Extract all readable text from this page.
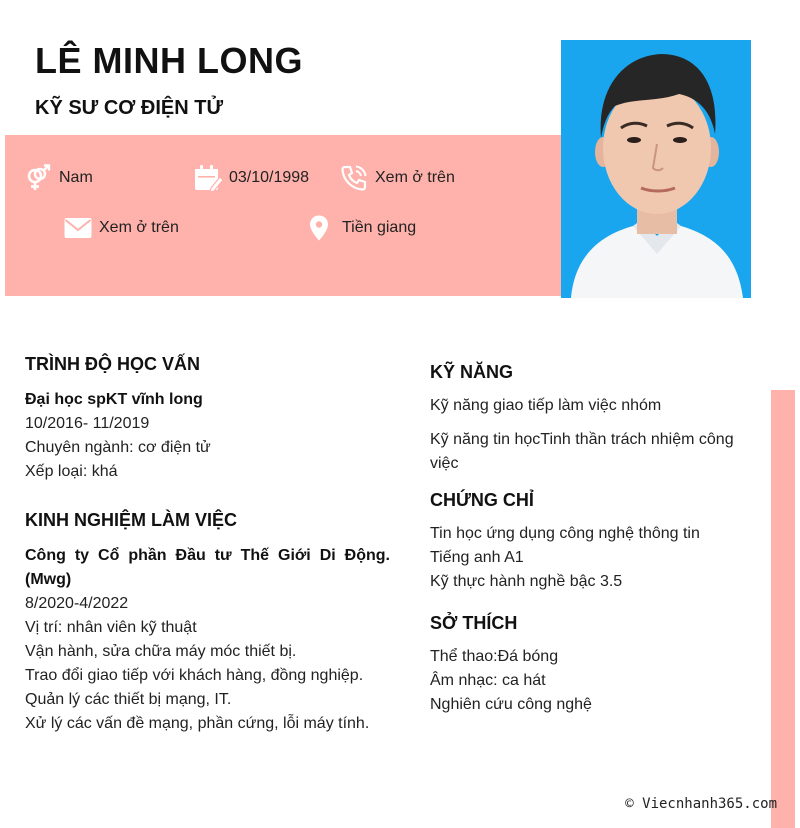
LÊ MINH LONG
KỸ SƯ CƠ ĐIỆN TỬ
Nam	03/10/1998	Xem ở trên
Xem ở trên	Tiền giang
TRÌNH ĐỘ HỌC VẤN
Đại học spKT vĩnh long
10/2016- 11/2019
Chuyên ngành: cơ điện tử
Xếp loại: khá
KINH NGHIỆM LÀM VIỆC
Công ty Cổ phần Đầu tư Thế Giới Di Động. (Mwg)
8/2020-4/2022
Vị trí: nhân viên kỹ thuật
Vận hành, sửa chữa máy móc thiết bị.
Trao đổi giao tiếp với khách hàng, đồng nghiệp.
Quản lý các thiết bị mạng, IT.
Xử lý các vấn đề mạng, phần cứng, lỗi máy tính.
KỸ NĂNG
Kỹ năng giao tiếp làm việc nhóm
Kỹ năng tin họcTinh thần trách nhiệm công việc
CHỨNG CHỈ
Tin học ứng dụng công nghệ thông tin
Tiếng anh A1
Kỹ thực hành nghề bậc 3.5
SỞ THÍCH
Thể thao:Đá bóng
Âm nhạc: ca hát
Nghiên cứu công nghệ
© Viecnhanh365.com
